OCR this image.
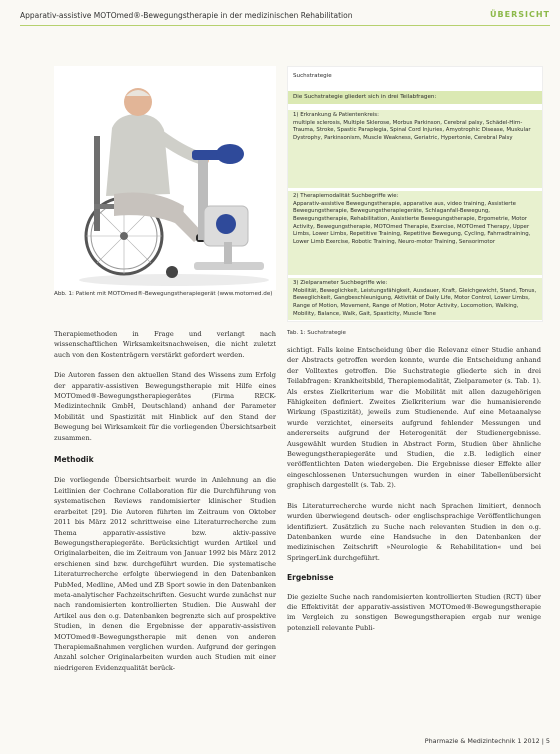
Apparativ-assistive MOTOmed®-Bewegungstherapie in der medizinischen Rehabilitation	ÜBERSICHT
Abb. 1: Patient mit MOTOmed®-Bewegungstherapiegerät (www.motomed.de)
Suchstrategie
Die Suchstrategie gliedert sich in drei Teilabfragen:
1) Erkrankung & Patientenkreis:
multiple sclerosis, Multiple Sklerose, Morbus Parkinson, Cerebral palsy, Schädel-Hirn-Trauma, Stroke, Spastic Paraplegia, Spinal Cord Injuries, Amyotrophic Disease, Muskular Dystrophy, Parkinsonism, Muscle Weakness, Geriatric, Hypertonie, Cerebral Palsy
2) Therapiemodalität Suchbegriffe wie:
Apparativ-assistive Bewegungstherapie, apparative aus, video training, Assistierte Bewegungstherapie, Bewegungstherapiegeräte, Schlaganfall-Bewegung, Bewegungstherapie, Rehabilitation, Assistierte Bewegungstherapie, Ergometrie, Motor Activity, Bewegungstherapie, MOTOmed Therapie, Exercise, MOTOmed Therapy, Upper Limbs, Lower Limbs, Repetitive Training, Repetitive Bewegung, Cycling, Fahrradtraining, Lower Limb Exercise, Robotic Training, Neuro-motor Training, Sensorimotor
3) Zielparameter Suchbegriffe wie:
Mobilität, Beweglichkeit, Leistungsfähigkeit, Ausdauer, Kraft, Gleichgewicht, Stand, Tonus, Beweglichkeit, Gangbeschleunigung, Aktivität of Daily Life, Motor Control, Lower Limbs, Range of Motion, Movement, Range of Motion, Motor Activity, Locomotion, Walking, Mobility, Balance, Walk, Gait, Spasticity, Muscle Tone
Tab. 1: Suchstrategie

Therapiemethoden in Frage und verlangt nach wissenschaftlichen Wirksamkeitsnachweisen, die nicht zuletzt auch von den Kostenträgern verstärkt gefordert werden.

Die Autoren fassen den aktuellen Stand des Wissens zum Erfolg der apparativ-assistiven Bewegungstherapie mit Hilfe eines MOTOmed®-Bewegungstherapiegerätes (Firma RECK-Medizintechnik GmbH, Deutschland) anhand der Parameter Mobilität und Spastizität mit Hinblick auf den Stand der Bewegung bei Wirksamkeit für die vorliegenden Übersichtsarbeit zusammen.

Methodik

Die vorliegende Übersichtsarbeit wurde in Anlehnung an die Leitlinien der Cochrane Collaboration für die Durchführung von systematischen Reviews randomisierter klinischer Studien erarbeitet [29]. Die Autoren führten im Zeitraum von Oktober 2011 bis März 2012 schrittweise eine Literaturrecherche zum Thema apparativ-assistive bzw. aktiv-passive Bewegungstherapiegeräte. Berücksichtigt wurden Artikel und Originalarbeiten, die im Zeitraum von Januar 1992 bis März 2012 erschienen sind bzw. durchgeführt wurden. Die systematische Literaturrecherche erfolgte überwiegend in den Datenbanken PubMed, Medline, AMed und ZB Sport sowie in den Datenbanken meta-analytischer Fachzeitschriften. Gesucht wurde zunächst nur nach randomisierten kontrollierten Studien. Die Auswahl der Artikel aus den o.g. Datenbanken begrenzte sich auf prospektive Studien, in denen die Ergebnisse der apparativ-assistiven MOTOmed®-Bewegungstherapie mit denen von anderen Therapiemaßnahmen verglichen wurden. Aufgrund der geringen Anzahl solcher Originalarbeiten wurden auch Studien mit einer niedrigeren Evidenzqualität berück-

sichtigt. Falls keine Entscheidung über die Relevanz einer Studie anhand der Abstracts getroffen werden konnte, wurde die Entscheidung anhand der Volltextes getroffen. Die Suchstrategie gliederte sich in drei Teilabfragen: Krankheitsbild, Therapiemodalität, Zielparameter (s. Tab. 1). Als erstes Zielkriterium war die Mobilität mit allen dazugehörigen Fähigkeiten definiert. Zweites Zielkriterium war die humanisierende Wirkung (Spastizität), jeweils zum Studienende. Auf eine Metaanalyse wurde verzichtet, einerseits aufgrund fehlender Messungen und andererseits aufgrund der Heterogenität der Studienergebnisse. Ausgewählt wurden Studien in Abstract Form, Studien über ähnliche Bewegungstherapiegeräte und Studien, die z.B. lediglich einer veröffentlichten Daten wiedergeben. Die Ergebnisse dieser Effekte aller eingeschlossenen Untersuchungen wurden in einer Tabellenübersicht graphisch dargestellt (s. Tab. 2).

Bis Literaturrecherche wurde nicht nach Sprachen limitiert, dennoch wurden überwiegend deutsch- oder englischsprachige Veröffentlichungen identifiziert. Zusätzlich zu Suche nach relevanten Studien in den o.g. Datenbanken wurde eine Handsuche in den Datenbanken der medizinischen Zeitschrift »Neurologie & Rehabilitation« und bei SpringerLink durchgeführt.

Ergebnisse

Die gezielte Suche nach randomisierten kontrollierten Studien (RCT) über die Effektivität der apparativ-assistiven MOTOmed®-Bewegungstherapie im Vergleich zu sonstigen Bewegungstherapien ergab nur wenige potenziell relevante Publi-

Pharmazie & Medizintechnik 1 2012 | 5
